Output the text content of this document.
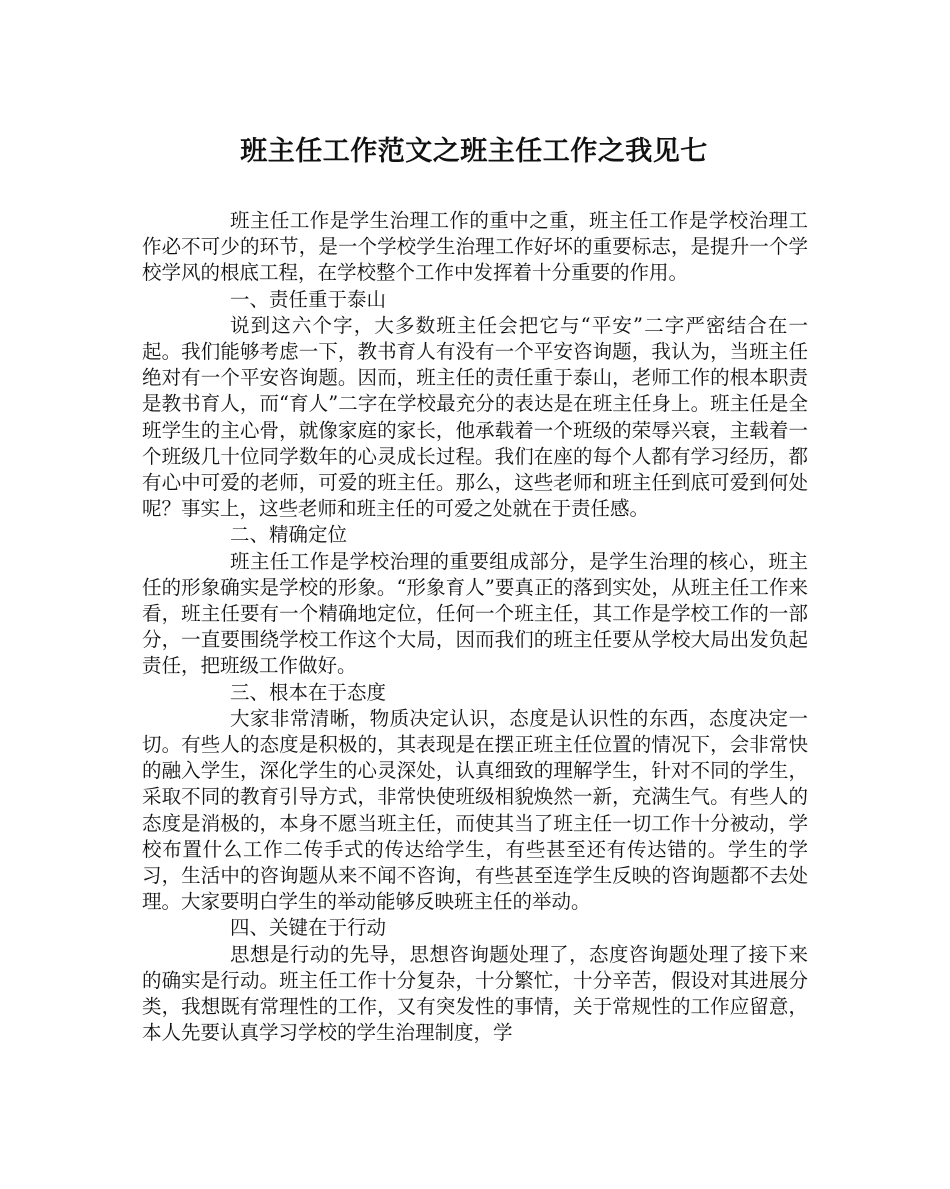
班主任工作范文之班主任工作之我见七

班主任工作是学生治理工作的重中之重，班主任工作是学校治理工作必不可少的环节，是一个学校学生治理工作好坏的重要标志，是提升一个学校学风的根底工程，在学校整个工作中发挥着十分重要的作用。

一、责任重于泰山

说到这六个字，大多数班主任会把它与“平安”二字严密结合在一起。我们能够考虑一下，教书育人有没有一个平安咨询题，我认为，当班主任绝对有一个平安咨询题。因而，班主任的责任重于泰山，老师工作的根本职责是教书育人，而“育人”二字在学校最充分的表达是在班主任身上。班主任是全班学生的主心骨，就像家庭的家长，他承载着一个班级的荣辱兴衰，主载着一个班级几十位同学数年的心灵成长过程。我们在座的每个人都有学习经历，都有心中可爱的老师，可爱的班主任。那么，这些老师和班主任到底可爱到何处呢？事实上，这些老师和班主任的可爱之处就在于责任感。

二、精确定位

班主任工作是学校治理的重要组成部分，是学生治理的核心，班主任的形象确实是学校的形象。“形象育人”要真正的落到实处，从班主任工作来看，班主任要有一个精确地定位，任何一个班主任，其工作是学校工作的一部分，一直要围绕学校工作这个大局，因而我们的班主任要从学校大局出发负起责任，把班级工作做好。

三、根本在于态度

大家非常清晰，物质决定认识，态度是认识性的东西，态度决定一切。有些人的态度是积极的，其表现是在摆正班主任位置的情况下，会非常快的融入学生，深化学生的心灵深处，认真细致的理解学生，针对不同的学生，采取不同的教育引导方式，非常快使班级相貌焕然一新，充满生气。有些人的态度是消极的，本身不愿当班主任，而使其当了班主任一切工作十分被动，学校布置什么工作二传手式的传达给学生，有些甚至还有传达错的。学生的学习，生活中的咨询题从来不闻不咨询，有些甚至连学生反映的咨询题都不去处理。大家要明白学生的举动能够反映班主任的举动。

四、关键在于行动

思想是行动的先导，思想咨询题处理了，态度咨询题处理了接下来的确实是行动。班主任工作十分复杂，十分繁忙，十分辛苦，假设对其进展分类，我想既有常理性的工作，又有突发性的事情，关于常规性的工作应留意，本人先要认真学习学校的学生治理制度，学
